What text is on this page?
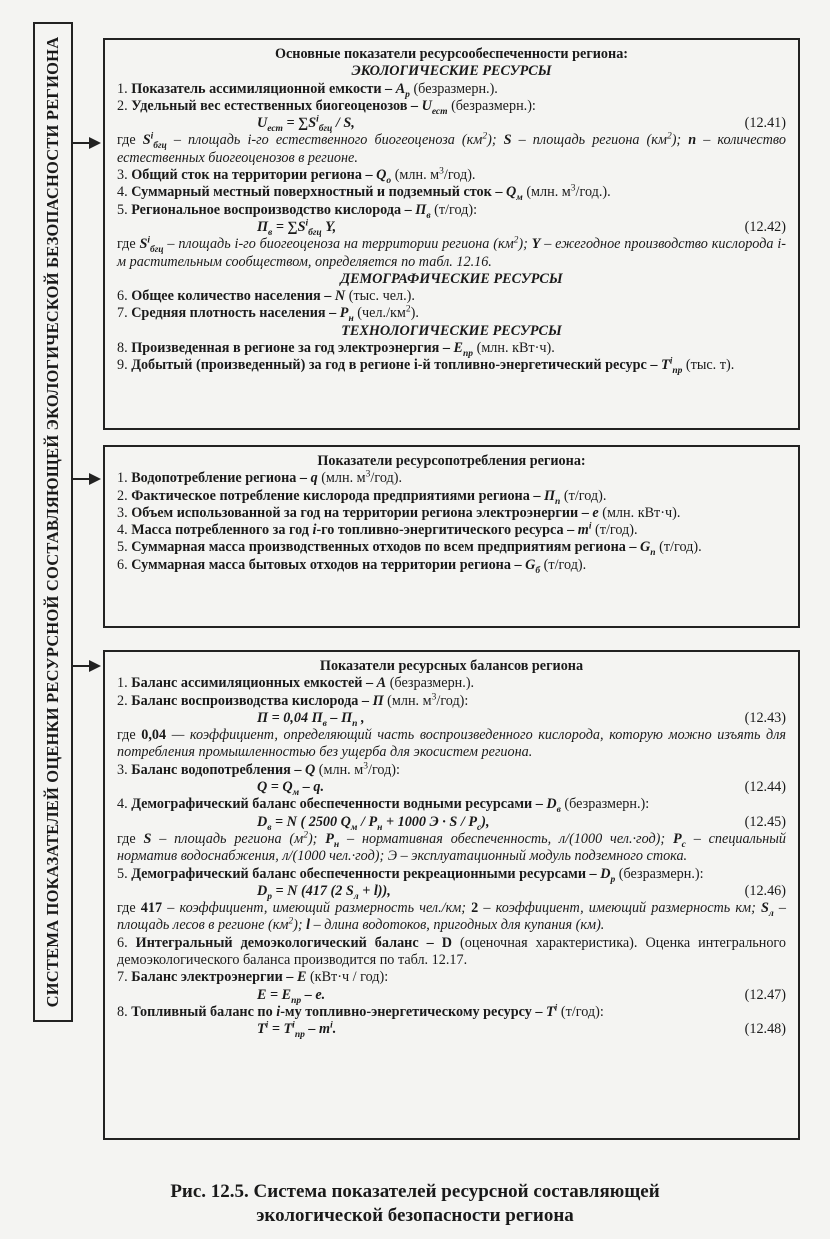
СИСТЕМА ПОКАЗАТЕЛЕЙ ОЦЕНКИ РЕСУРСНОЙ СОСТАВЛЯЮЩЕЙ ЭКОЛОГИЧЕСКОЙ БЕЗОПАСНОСТИ РЕГИОНА	Основные показатели ресурсообеспеченности региона:
ЭКОЛОГИЧЕСКИЕ РЕСУРСЫ
1. Показатель ассимиляционной емкости – $А_р$ (безразмерн.).
2. Удельный вес естественных биогеоценозов – $U_{ест}$ (безразмерн.):
$U_{ест} = \sum S^i_{бгц} / S$,	(12.41)
где $S^i_{бгц}$ – площадь i-го естественного биогеоценоза $(км^2)$; S – площадь региона $(км^2)$; n – количество естественных биогеоценозов в регионе.
3. Общий сток на территории региона – $Q_о$ (млн. $м^3/год$).
4. Суммарный местный поверхностный и подземный сток – $Q_м$ (млн. $м^3/год$.).
5. Региональное воспроизводство кислорода – $П_в$ (т/год):
$П_в = \sum S^i_{бгц}$ Y,	(12.42)
где $S^i_{бгц}$ – площадь i-го биогеоценоза на территории региона $(км^2)$; Y – ежегодное производство кислорода i-м растительным сообществом, определяется по табл. 12.16.
ДЕМОГРАФИЧЕСКИЕ РЕСУРСЫ
6. Общее количество населения – N (тыс. чел.).
7. Средняя плотность населения – $Р_н$ $(чел./км^2)$.
ТЕХНОЛОГИЧЕСКИЕ РЕСУРСЫ
8. Произведенная в регионе за год электроэнергия – $Е_{пр}$ (млн. кВт·ч).
9. Добытый (произведенный) за год в регионе i-й топливно-энергетический ресурс – $Т^i_{пр}$ (тыс. т).
Показатели ресурсопотребления региона:
1. Водопотребление региона – q (млн. $м^3/год$).
2. Фактическое потребление кислорода предприятиями региона – $П_п$ (т/год).
3. Объем использованной за год на территории региона электроэнергии – е (млн. кВт·ч).
4. Масса потребленного за год i-го топливно-энергитического ресурса – $m^i$ (т/год).
5. Суммарная масса производственных отходов по всем предприятиям региона – $G_п$ (т/год).
6. Суммарная масса бытовых отходов на территории региона – $G_б$ (т/год).
Показатели ресурсных балансов региона
1. Баланс ассимиляционных емкостей – А (безразмерн.).
2. Баланс воспроизводства кислорода – П (млн. $м^3/год$):
П = 0,04 $П_в - П_п$ ,	(12.43)
где 0,04 — коэффициент, определяющий часть воспроизведенного кислорода, которую можно изъять для потребления промышленностью без ущерба для экосистем региона.
3. Баланс водопотребления – Q (млн. $м^3/год$):
$Q = Q_м - q$.	(12.44)
4. Демографический баланс обеспеченности водными ресурсами – $D_в$ (безразмерн.):
$D_в = N$ ( 2500 $Q_м / P_н + 1000$ $Э \cdot S / P_c$),	(12.45)
где S – площадь региона $(м^2)$; $Р_н$ – нормативная обеспеченность, л/(1000 чел.·год); $Р_с$ – специальный норматив водоснабжения, л/(1000 чел.·год); Э – эксплуатационный модуль подземного стока.
5. Демографический баланс обеспеченности рекреационными ресурсами – $D_р$ (безразмерн.):
$D_р = N$ (417 (2 $S_л + l$)),	(12.46)
где 417 – коэффициент, имеющий размерность чел./км; 2 – коэффициент, имеющий размерность км; $S_л$ – площадь лесов в регионе $(км^2)$; l – длина водотоков, пригодных для купания (км).
6. Интегральный демоэкологический баланс – D (оценочная характеристика). Оценка интегрального демоэкологического баланса производится по табл. 12.17.
7. Баланс электроэнергии – Е (кВт·ч / год):
$E = E_{пр} - e$.	(12.47)
8. Топливный баланс по i-му топливно-энергетическому ресурсу – $Т^i$ (т/год):
$T^i = T^i_{пр} - m^i$.	(12.48)
Рис. 12.5. Система показателей ресурсной составляющей
экологической безопасности региона
